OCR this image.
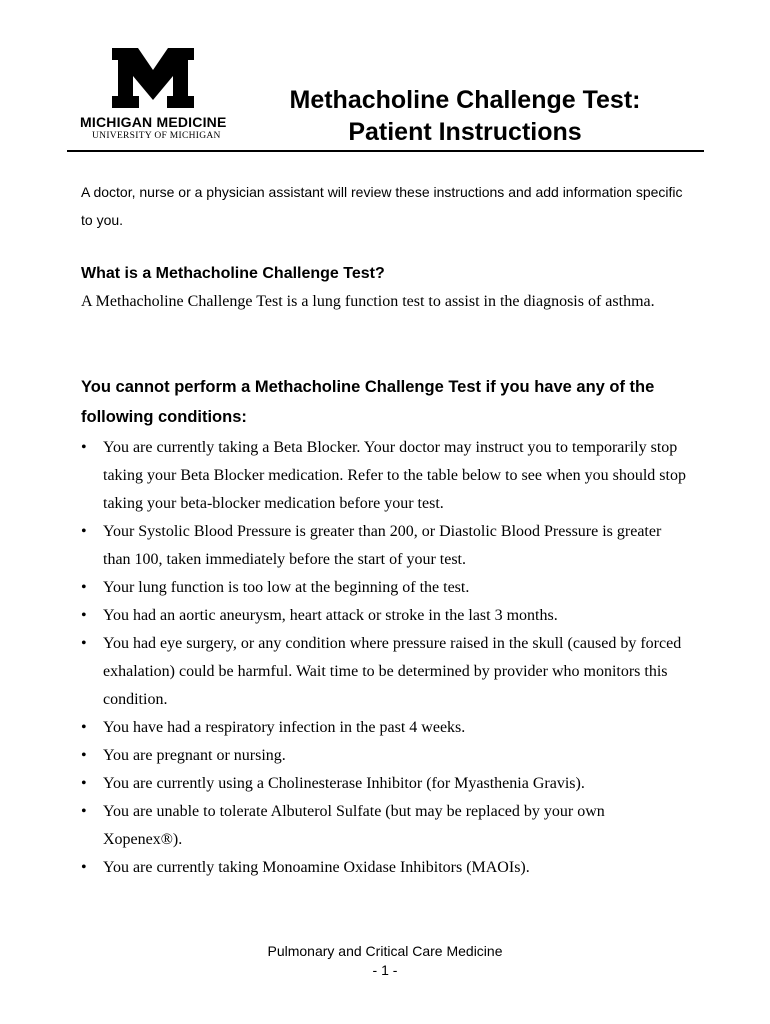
MICHIGAN MEDICINE
UNIVERSITY OF MICHIGAN
Methacholine Challenge Test:
Patient Instructions
A doctor, nurse or a physician assistant will review these instructions and add information specific to you.
What is a Methacholine Challenge Test?
A Methacholine Challenge Test is a lung function test to assist in the diagnosis of asthma.
You cannot perform a Methacholine Challenge Test if you have any of the following conditions:
• You are currently taking a Beta Blocker. Your doctor may instruct you to temporarily stop taking your Beta Blocker medication. Refer to the table below to see when you should stop taking your beta-blocker medication before your test.
• Your Systolic Blood Pressure is greater than 200, or Diastolic Blood Pressure is greater than 100, taken immediately before the start of your test.
• Your lung function is too low at the beginning of the test.
• You had an aortic aneurysm, heart attack or stroke in the last 3 months.
• You had eye surgery, or any condition where pressure raised in the skull (caused by forced exhalation) could be harmful. Wait time to be determined by provider who monitors this condition.
• You have had a respiratory infection in the past 4 weeks.
• You are pregnant or nursing.
• You are currently using a Cholinesterase Inhibitor (for Myasthenia Gravis).
• You are unable to tolerate Albuterol Sulfate (but may be replaced by your own Xopenex®).
• You are currently taking Monoamine Oxidase Inhibitors (MAOIs).
Pulmonary and Critical Care Medicine
- 1 -
